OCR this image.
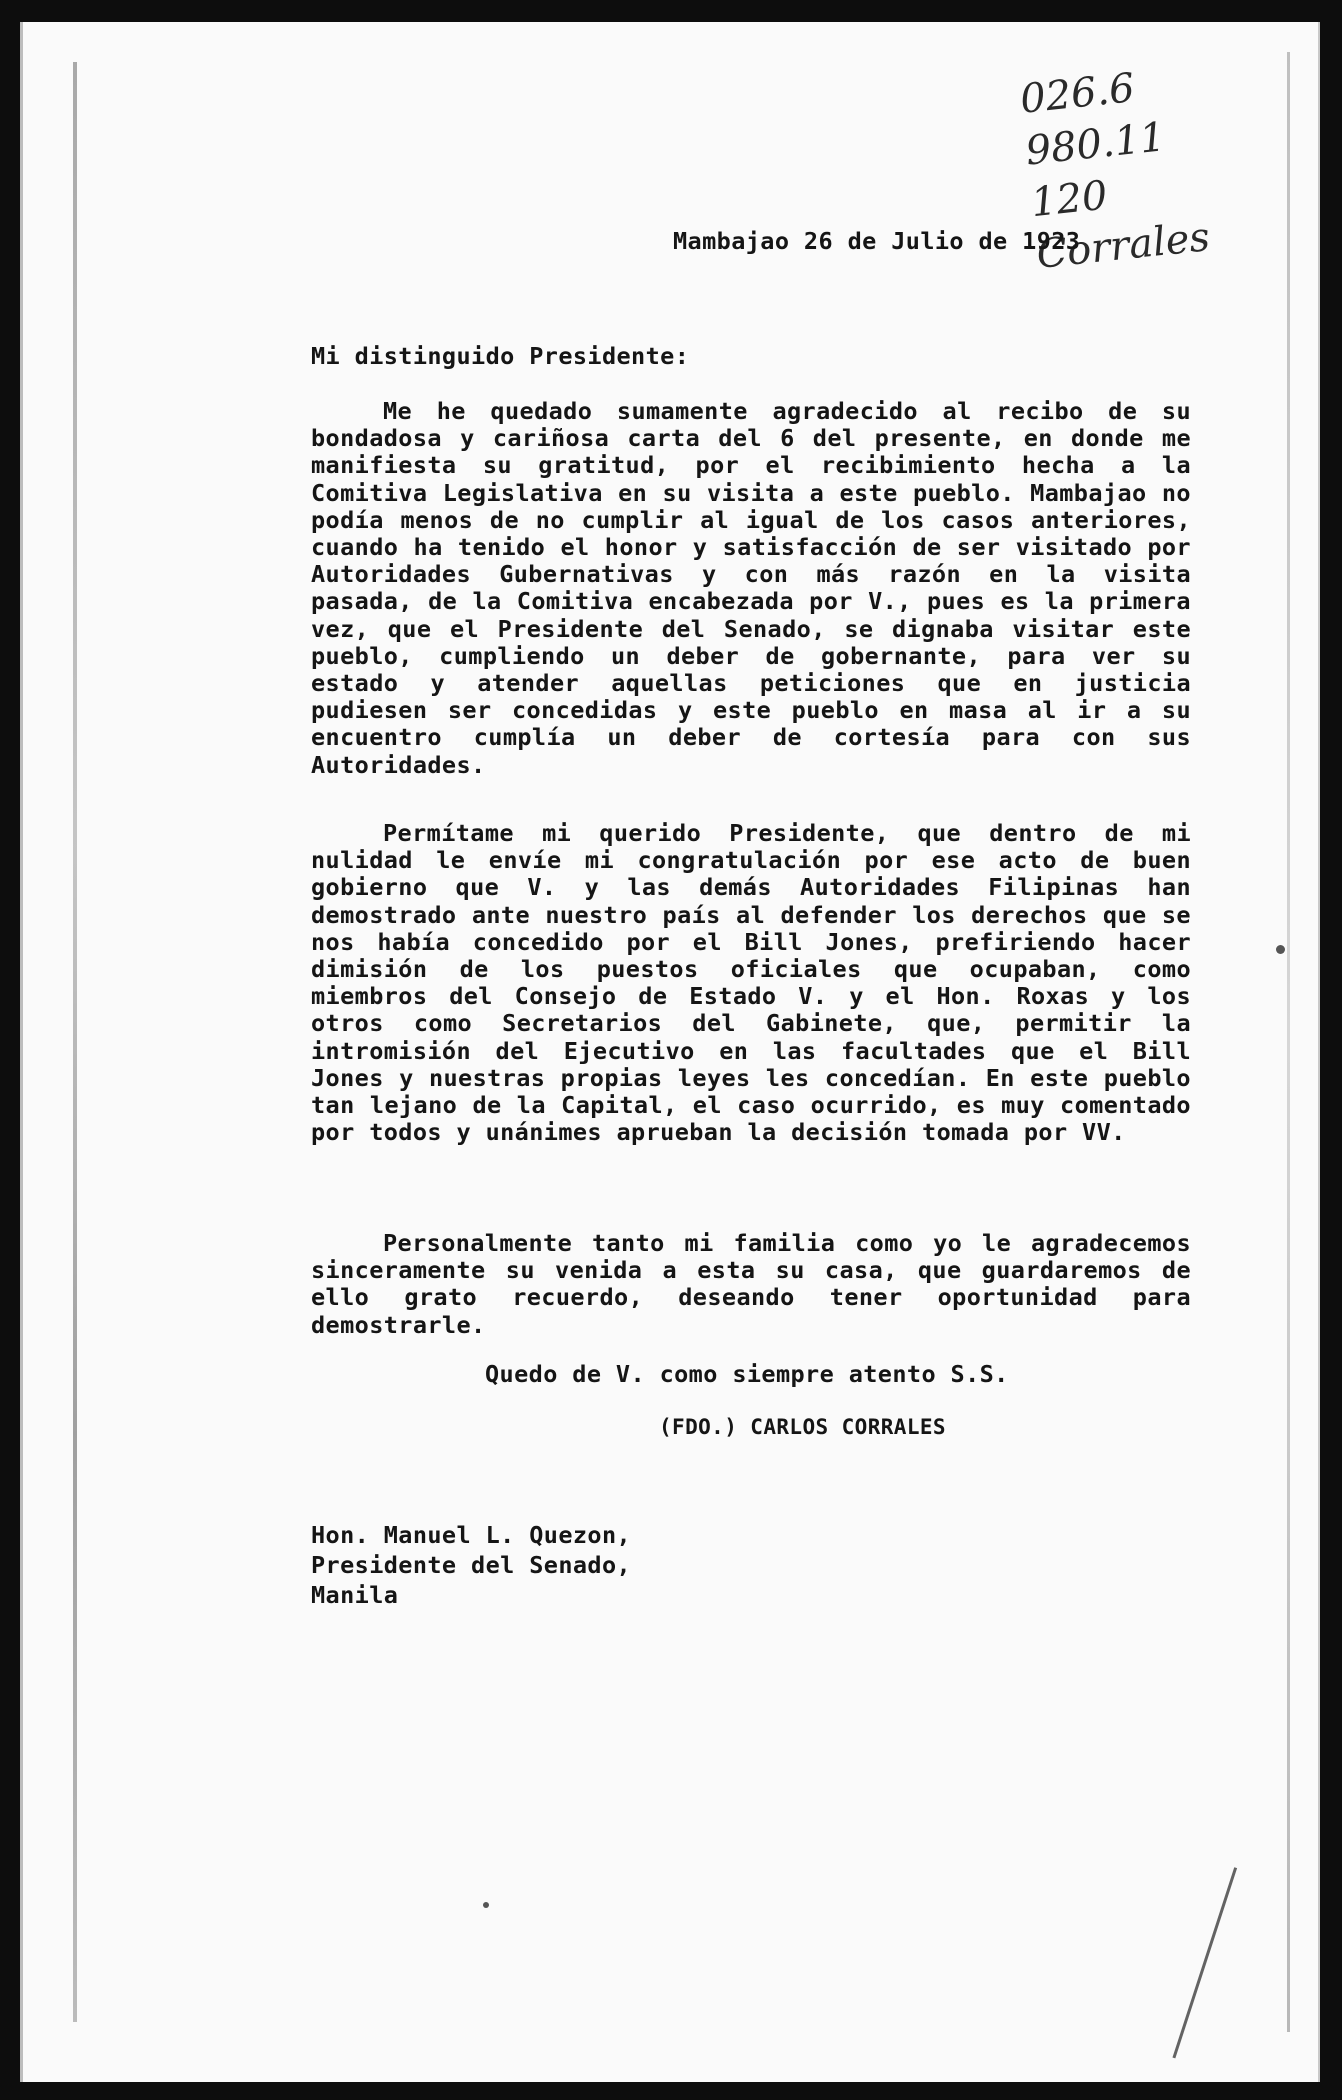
026.6
980.11
120 Corrales
Mambajao 26 de Julio de 1923
Mi distinguido Presidente:
Me he quedado sumamente agradecido al recibo de su bondadosa y cariñosa carta del 6 del presente, en donde me manifiesta su gratitud, por el recibimiento hecha a la Comitiva Legislativa en su visita a este pueblo. Mambajao no podía menos de no cumplir al igual de los casos anteriores, cuando ha tenido el honor y satisfacción de ser visitado por Autoridades Gubernativas y con más razón en la visita pasada, de la Comitiva encabezada por V., pues es la primera vez, que el Presidente del Senado, se dignaba visitar este pueblo, cumpliendo un deber de gobernante, para ver su estado y atender aquellas peticiones que en justicia pudiesen ser concedidas y este pueblo en masa al ir a su encuentro cumplía un deber de cortesía para con sus Autoridades.
Permítame mi querido Presidente, que dentro de mi nulidad le envíe mi congratulación por ese acto de buen gobierno que V. y las demás Autoridades Filipinas han demostrado ante nuestro país al defender los derechos que se nos había concedido por el Bill Jones, prefiriendo hacer dimisión de los puestos oficiales que ocupaban, como miembros del Consejo de Estado V. y el Hon. Roxas y los otros como Secretarios del Gabinete, que, permitir la intromisión del Ejecutivo en las facultades que el Bill Jones y nuestras propias leyes les concedían. En este pueblo tan lejano de la Capital, el caso ocurrido, es muy comentado por todos y unánimes aprueban la decisión tomada por VV.
Personalmente tanto mi familia como yo le agradecemos sinceramente su venida a esta su casa, que guardaremos de ello grato recuerdo, deseando tener oportunidad para demostrarle.
Quedo de V. como siempre atento S.S.
(FDO.) CARLOS CORRALES
Hon. Manuel L. Quezon,
Presidente del Senado,
Manila
